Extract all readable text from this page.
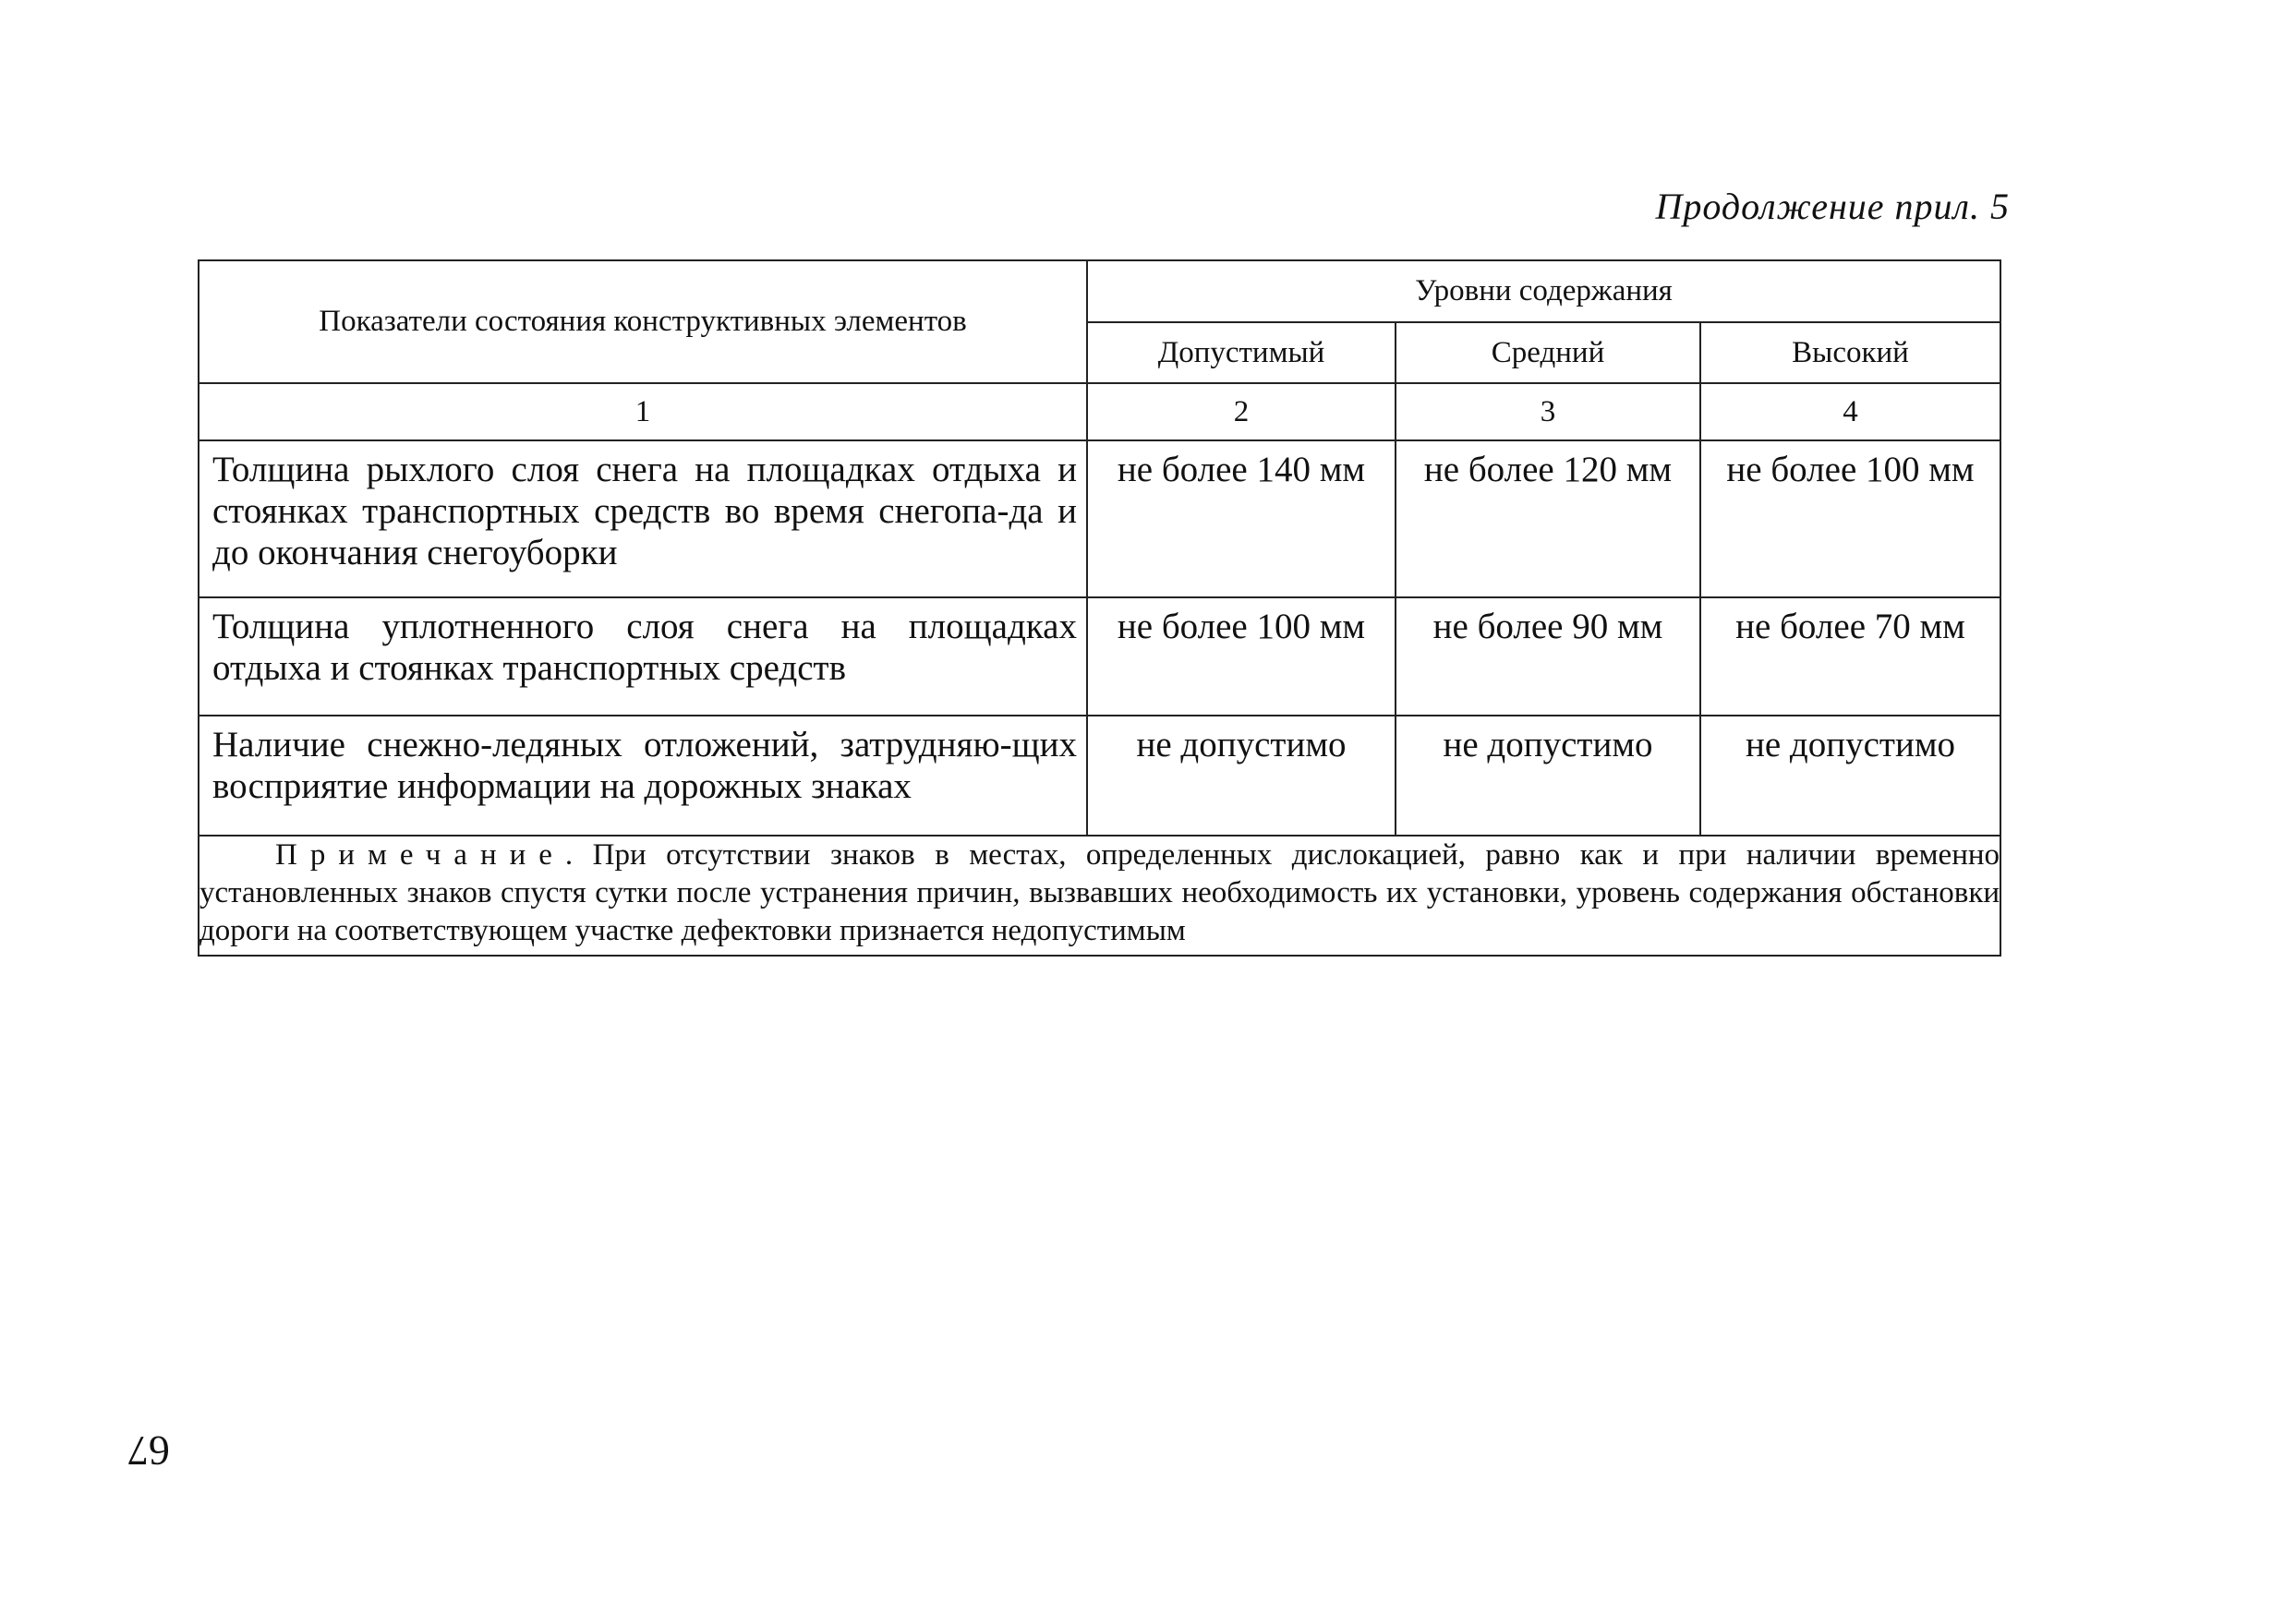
Продолжение прил. 5
Показатели состояния конструктивных элементов	Уровни содержания		
	Допустимый	Средний	Высокий
1	2	3	4
Толщина рыхлого слоя снега на площадках отдыха и стоянках транспортных средств во время снегопа-да и до окончания снегоуборки	не более 140 мм	не более 120 мм	не более 100 мм
Толщина уплотненного слоя снега на площадках отдыха и стоянках транспортных средств	не более 100 мм	не более 90 мм	не более 70 мм
Наличие снежно-ледяных отложений, затрудняю-щих восприятие информации на дорожных знаках	не допустимо	не допустимо	не допустимо
Примечание. При отсутствии знаков в местах, определенных дислокацией, равно как и при наличии временно установленных знаков спустя сутки после устранения причин, вызвавших необходимость их установки, уровень содержания обстановки дороги на соответствующем участке дефектовки признается недопустимым			
67
